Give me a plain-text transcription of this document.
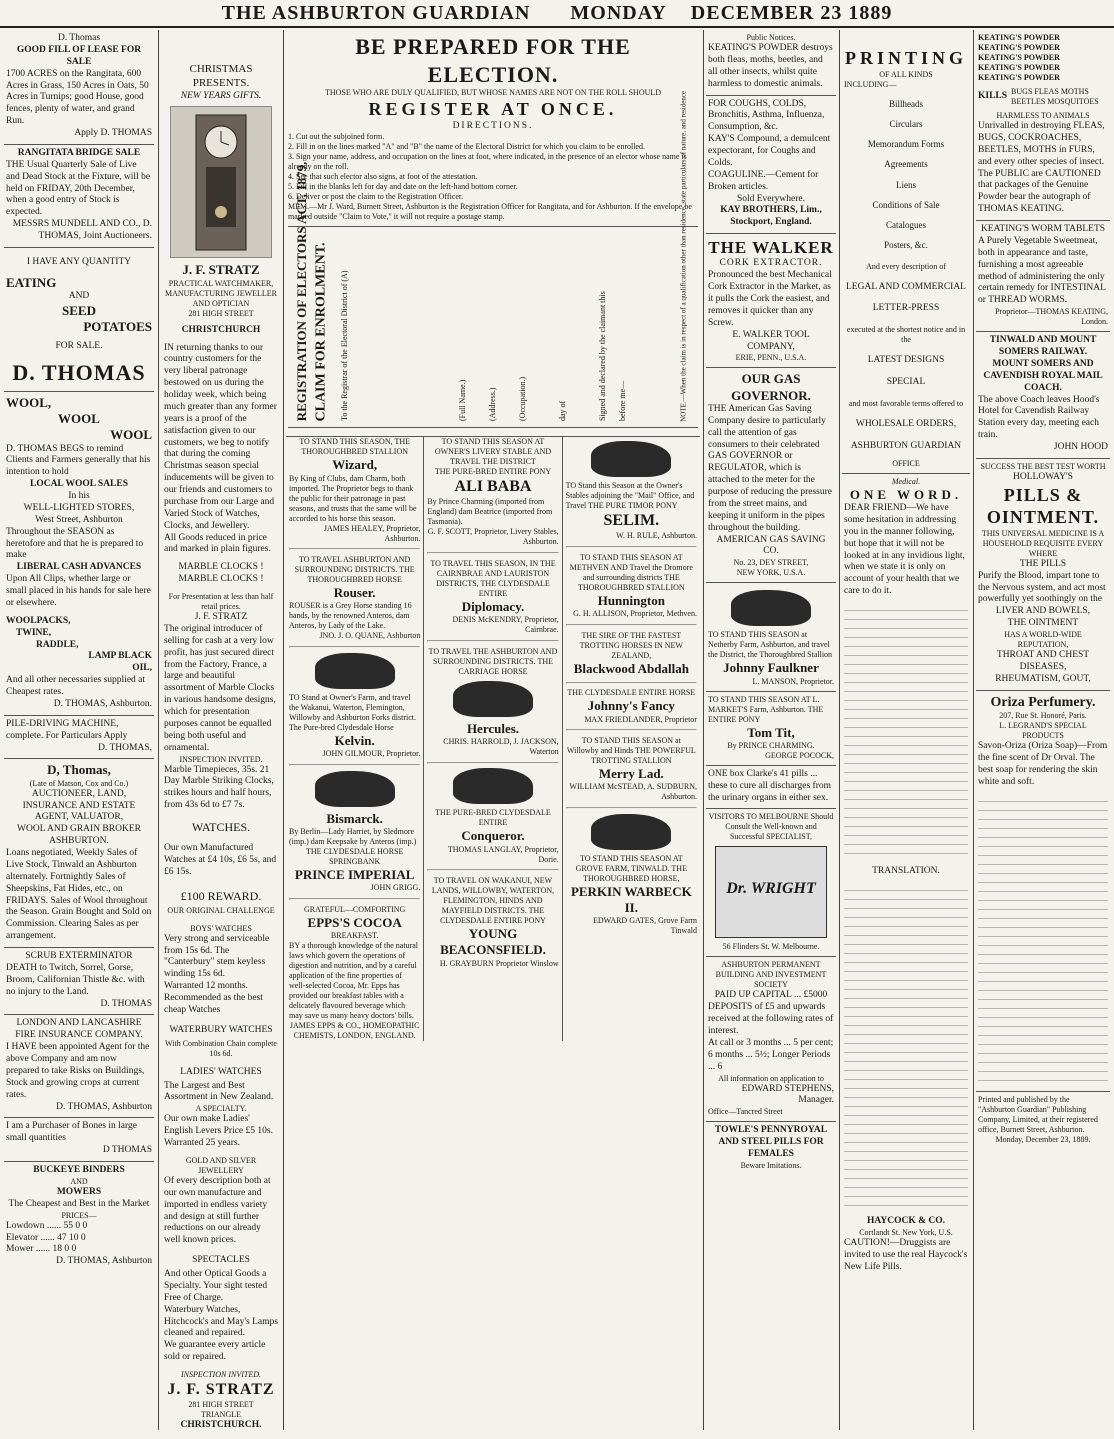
THE ASHBURTON GUARDIAN MONDAY DECEMBER 23 1889
D. Thomas
GOOD FILL OF LEASE FOR SALE
1700 ACRES on the Rangitata, 600 Acres in Grass, 150 Acres in Oats, 50 Acres in Turnips; good House, good fences, plenty of water, and grand Run.
Apply D. THOMAS
RANGITATA BRIDGE SALE
THE Usual Quarterly Sale of Live and Dead Stock at the Fixture, will be held on FRIDAY, 20th December, when a good entry of Stock is expected.
MESSRS MUNDELL AND CO., D. THOMAS, Joint Auctioneers.
I HAVE ANY QUANTITY
EATING
AND
SEED
POTATOES
FOR SALE.
D. THOMAS
WOOL,
WOOL
WOOL
D. THOMAS BEGS to remind Clients and Farmers generally that his intention to hold
LOCAL WOOL SALES
In his
WELL-LIGHTED STORES,
West Street, Ashburton
Throughout the SEASON as heretofore and that he is prepared to make
LIBERAL CASH ADVANCES
Upon All Clips, whether large or small placed in his hands for sale here or elsewhere.
WOOLPACKS,
TWINE,
RADDLE,
LAMP BLACK
OIL,
And all other necessaries supplied at Cheapest rates.
D. THOMAS, Ashburton.
PILE-DRIVING MACHINE, complete. For Particulars Apply
D. THOMAS,
D, Thomas,
(Late of Matson, Cox and Co.)
AUCTIONEER, LAND, INSURANCE AND ESTATE AGENT, VALUATOR,
WOOL AND GRAIN BROKER
ASHBURTON.
Loans negotiated, Weekly Sales of Live Stock, Tinwald an Ashburton alternately. Fortnightly Sales of Sheepskins, Fat Hides, etc., on FRIDAYS. Sales of Wool throughout the Season. Grain Bought and Sold on Commission. Clearing Sales as per arrangement.
SCRUB EXTERMINATOR
DEATH to Twitch, Sorrel, Gorse, Broom, Californian Thistle &c. with no injury to the Land.
D. THOMAS
LONDON AND LANCASHIRE FIRE INSURANCE COMPANY.
I HAVE been appointed Agent for the above Company and am now prepared to take Risks on Buildings, Stock and growing crops at current rates.
D. THOMAS, Ashburton
I am a Purchaser of Bones in large small quantities
D THOMAS
BUCKEYE BINDERS
AND
MOWERS
The Cheapest and Best in the Market
PRICES—
Lowdown ...... 55 0 0
Elevator ...... 47 10 0
Mower ...... 18 0 0
D. THOMAS, Ashburton
CHRISTMAS PRESENTS.
NEW YEARS GIFTS.
J. F. STRATZ
PRACTICAL WATCHMAKER, MANUFACTURING JEWELLER AND OPTICIAN
281 HIGH STREET
CHRISTCHURCH
IN returning thanks to our country customers for the very liberal patronage bestowed on us during the holiday week, which being much greater than any former years is a proof of the satisfaction given to our customers, we beg to notify that during the coming Christmas season special inducements will be given to our friends and customers to purchase from our Large and Varied Stock of Watches, Clocks, and Jewellery.
All Goods reduced in price and marked in plain figures.
MARBLE CLOCKS ! MARBLE CLOCKS !
For Presentation at less than half retail prices.
J. F. STRATZ
The original introducer of selling for cash at a very low profit, has just secured direct from the Factory, France, a large and beautiful assortment of Marble Clocks in various handsome designs, which for presentation purposes cannot be equalled being both useful and ornamental.
INSPECTION INVITED.
Marble Timepieces, 35s. 21 Day Marble Striking Clocks, strikes hours and half hours, from 43s 6d to £7 7s.
WATCHES.
Our own Manufactured Watches at £4 10s, £6 5s, and £6 15s.
£100 REWARD.
OUR ORIGINAL CHALLENGE
BOYS' WATCHES
Very strong and serviceable from 15s 6d. The "Canterbury" stem keyless winding 15s 6d.
Warranted 12 months. Recommended as the best cheap Watches
WATERBURY WATCHES
With Combination Chain complete 10s 6d.
LADIES' WATCHES
The Largest and Best Assortment in New Zealand.
A SPECIALTY.
Our own make Ladies' English Levers Price £5 10s. Warranted 25 years.
GOLD AND SILVER JEWELLERY
Of every description both at our own manufacture and imported in endless variety and design at still further reductions on our already well known prices.
SPECTACLES
And other Optical Goods a Specialty. Your sight tested Free of Charge.
Waterbury Watches, Hitchcock's and May's Lamps cleaned and repaired.
We guarantee every article sold or repaired.
INSPECTION INVITED.
J. F. STRATZ
281 HIGH STREET
TRIANGLE
CHRISTCHURCH.
BE PREPARED FOR THE ELECTION.
THOSE WHO ARE DULY QUALIFIED, BUT WHOSE NAMES ARE NOT ON THE ROLL SHOULD
REGISTER AT ONCE.
DIRECTIONS.
1. Cut out the subjoined form.
2. Fill in on the lines marked "A" and "B" the name of the Electoral District for which you claim to be enrolled.
3. Sign your name, address, and occupation on the lines at foot, where indicated, in the presence of an elector whose name is already on the roll.
4. See that such elector also signs, at foot of the attestation.
5. Fill in the blanks left for day and date on the left-hand bottom corner.
6. Deliver or post the claim to the Registration Officer.
MEM.—Mr J. Ward, Burnett Street, Ashburton is the Registration Officer for Rangitata, and for Ashburton. If the envelope be marked outside "Claim to Vote," it will not require a postage stamp.
REGISTRATION OF ELECTORS ACT, 1879. CLAIM FOR ENROLMENT. To the Registrar of the Electoral District of (A)	(Full Name.)	(Address.)	(Occupation.)	day of	Signed and declared by the claimant this before me—	NOTE.—When the claim is in respect of a qualification other than residence, state particulars of nature, and residence
TO STAND THIS SEASON, THE THOROUGHBRED STALLION
Wizard,
By King of Clubs, dam Charm, both imported. The Proprietor begs to thank the public for their patronage in past seasons, and trusts that the same will be accorded to his horse this season.
JAMES HEALEY, Proprietor, Ashburton.
TO TRAVEL ASHBURTON AND SURROUNDING DISTRICTS. THE THOROUGHBRED HORSE
Rouser.
ROUSER is a Grey Horse standing 16 hands, by the renowned Anteros, dam Anteros, by Lady of the Lake.
JNO. J. O. QUANE, Ashburton
TO Stand at Owner's Farm, and travel the Wakanui, Waterton, Flemington, Willowby and Ashburton Forks district. The Pure-bred Clydesdale Horse
Kelvin.
JOHN GILMOUR, Proprietor.
Bismarck.
By Berlin—Lady Harriet, by Sledmore (imp.) dam Keepsake by Anteros (imp.)
THE CLYDESDALE HORSE SPRINGBANK
PRINCE IMPERIAL
JOHN GRIGG.
GRATEFUL—COMFORTING
EPPS'S COCOA
BREAKFAST.
BY a thorough knowledge of the natural laws which govern the operations of digestion and nutrition, and by a careful application of the fine properties of well-selected Cocoa, Mr. Epps has provided our breakfast tables with a delicately flavoured beverage which may save us many heavy doctors' bills.
JAMES EPPS & CO., HOMEOPATHIC CHEMISTS, LONDON, ENGLAND.
TO STAND THIS SEASON AT OWNER'S LIVERY STABLE AND TRAVEL THE DISTRICT
THE PURE-BRED ENTIRE PONY
ALI BABA
By Prince Charming (imported from England) dam Beatrice (imported from Tasmania).
G. F. SCOTT, Proprietor, Livery Stables, Ashburton.
TO TRAVEL THIS SEASON, IN THE CAIRNBRAE AND LAURISTON DISTRICTS, THE CLYDESDALE ENTIRE
Diplomacy.
DENIS McKENDRY, Proprietor, Cairnbrae.
TO TRAVEL THE ASHBURTON AND SURROUNDING DISTRICTS. THE CARRIAGE HORSE
Hercules.
CHRIS. HARROLD, J. JACKSON, Waterton
THE PURE-BRED CLYDESDALE ENTIRE
Conqueror.
THOMAS LANGLAY, Proprietor, Dorie.
TO TRAVEL ON WAKANUI, NEW LANDS, WILLOWBY, WATERTON, FLEMINGTON, HINDS AND MAYFIELD DISTRICTS. THE CLYDESDALE ENTIRE PONY
YOUNG BEACONSFIELD.
H. GRAYBURN Proprietor Winslow
TO Stand this Season at the Owner's Stables adjoining the "Mail" Office, and Travel THE PURE TIMOR PONY
SELIM.
W. H. RULE, Ashburton.
TO STAND THIS SEASON AT METHVEN AND Travel the Dromore and surrounding districts THE THOROUGHBRED STALLION
Hunnington
G. H. ALLISON, Proprietor, Methven.
THE SIRE OF THE FASTEST TROTTING HORSES IN NEW ZEALAND,
Blackwood Abdallah
THE CLYDESDALE ENTIRE HORSE
Johnny's Fancy
MAX FRIEDLANDER, Proprietor
TO STAND THIS SEASON at Willowby and Hinds THE POWERFUL TROTTING STALLION
Merry Lad.
WILLIAM McSTEAD, A. SUDBURN, Ashburton.
TO STAND THIS SEASON AT GROVE FARM, TINWALD. THE THOROUGHBRED HORSE,
PERKIN WARBECK II.
EDWARD GATES, Grove Farm Tinwald
Public Notices.
KEATING'S POWDER destroys both fleas, moths, beetles, and all other insects, whilst quite harmless to domestic animals.
FOR COUGHS, COLDS, Bronchitis, Asthma, Influenza, Consumption, &c.
KAY'S Compound, a demulcent expectorant, for Coughs and Colds.
COAGULINE.—Cement for Broken articles.
Sold Everywhere.
KAY BROTHERS, Lim., Stockport, England.
THE WALKER
CORK EXTRACTOR.
Pronounced the best Mechanical Cork Extractor in the Market, as it pulls the Cork the easiest, and removes it quicker than any Screw.
E. WALKER TOOL COMPANY,
ERIE, PENN., U.S.A.
OUR GAS GOVERNOR.
THE American Gas Saving Company desire to particularly call the attention of gas consumers to their celebrated GAS GOVERNOR or REGULATOR, which is attached to the meter for the purpose of reducing the pressure from the street mains, and keeping it uniform in the pipes throughout the building.
AMERICAN GAS SAVING CO.
No. 23, DEY STREET,
NEW YORK, U.S.A.
TO STAND THIS SEASON at Netherby Farm, Ashburton, and travel the District, the Thoroughbred Stallion
Johnny Faulkner
L. MANSON, Proprietor.
TO STAND THIS SEASON AT L. MARKET'S Farm, Ashburton. THE ENTIRE PONY
Tom Tit,
By PRINCE CHARMING.
GEORGE POCOCK,
ONE box Clarke's 41 pills ... these to cure all discharges from the urinary organs in either sex.
VISITORS TO MELBOURNE Should Consult the Well-known and Successful SPECIALIST,
Dr. WRIGHT
56 Flinders St. W. Melbourne.
ASHBURTON PERMANENT BUILDING AND INVESTMENT SOCIETY
PAID UP CAPITAL ... £5000
DEPOSITS of £5 and upwards received at the following rates of interest.
At call or 3 months ... 5 per cent; 6 months ... 5½; Longer Periods ... 6
All information on application to
EDWARD STEPHENS, Manager.
Office—Tancred Street
TOWLE'S PENNYROYAL AND STEEL PILLS FOR FEMALES
Beware Imitations.
PRINTING
OF ALL KINDS
INCLUDING—
Billheads
Circulars
Memorandum Forms
Agreements
Liens
Conditions of Sale
Catalogues
Posters, &c.
And every description of
LEGAL AND COMMERCIAL
LETTER-PRESS
executed at the shortest notice and in the
LATEST DESIGNS
SPECIAL
and most favorable terms offered to
WHOLESALE ORDERS,
ASHBURTON GUARDIAN
OFFICE
Medical.
ONE WORD.
DEAR FRIEND—We have some hesitation in addressing you in the manner following, but hope that it will not be looked at in any invidious light, when we state it is only on account of your health that we care to do it.
TRANSLATION.
HAYCOCK & CO.
Cortlandt St. New York, U.S.
CAUTION!—Druggists are invited to use the real Haycock's New Life Pills.
KEATING'S POWDER
KEATING'S POWDER
KEATING'S POWDER
KEATING'S POWDER
KEATING'S POWDER
KILLS BUGS FLEAS MOTHS BEETLES MOSQUITOES
HARMLESS TO ANIMALS
Unrivalled in destroying FLEAS, BUGS, COCKROACHES, BEETLES, MOTHS in FURS, and every other species of insect.
The PUBLIC are CAUTIONED that packages of the Genuine Powder bear the autograph of THOMAS KEATING.
KEATING'S WORM TABLETS
A Purely Vegetable Sweetmeat, both in appearance and taste, furnishing a most agreeable method of administering the only certain remedy for INTESTINAL or THREAD WORMS.
Proprietor—THOMAS KEATING, London.
TINWALD AND MOUNT SOMERS RAILWAY.
MOUNT SOMERS AND CAVENDISH ROYAL MAIL COACH.
The above Coach leaves Hood's Hotel for Cavendish Railway Station every day, meeting each train.
JOHN HOOD
SUCCESS THE BEST TEST WORTH
HOLLOWAY'S
PILLS & OINTMENT.
THIS UNIVERSAL MEDICINE IS A HOUSEHOLD REQUISITE EVERY WHERE
THE PILLS
Purify the Blood, impart tone to the Nervous system, and act most powerfully yet soothingly on the
LIVER AND BOWELS,
THE OINTMENT
HAS A WORLD-WIDE REPUTATION,
THROAT AND CHEST DISEASES,
RHEUMATISM, GOUT,
Oriza Perfumery.
207, Rue St. Honoré, Paris.
L. LEGRAND'S SPECIAL PRODUCTS
Savon-Oriza (Oriza Soap)—From the fine scent of Dr Orval. The best soap for rendering the skin white and soft.
Printed and published by the "Ashburton Guardian" Publishing Company, Limited, at their registered office, Burnett Street, Ashburton.
Monday, December 23, 1889.
